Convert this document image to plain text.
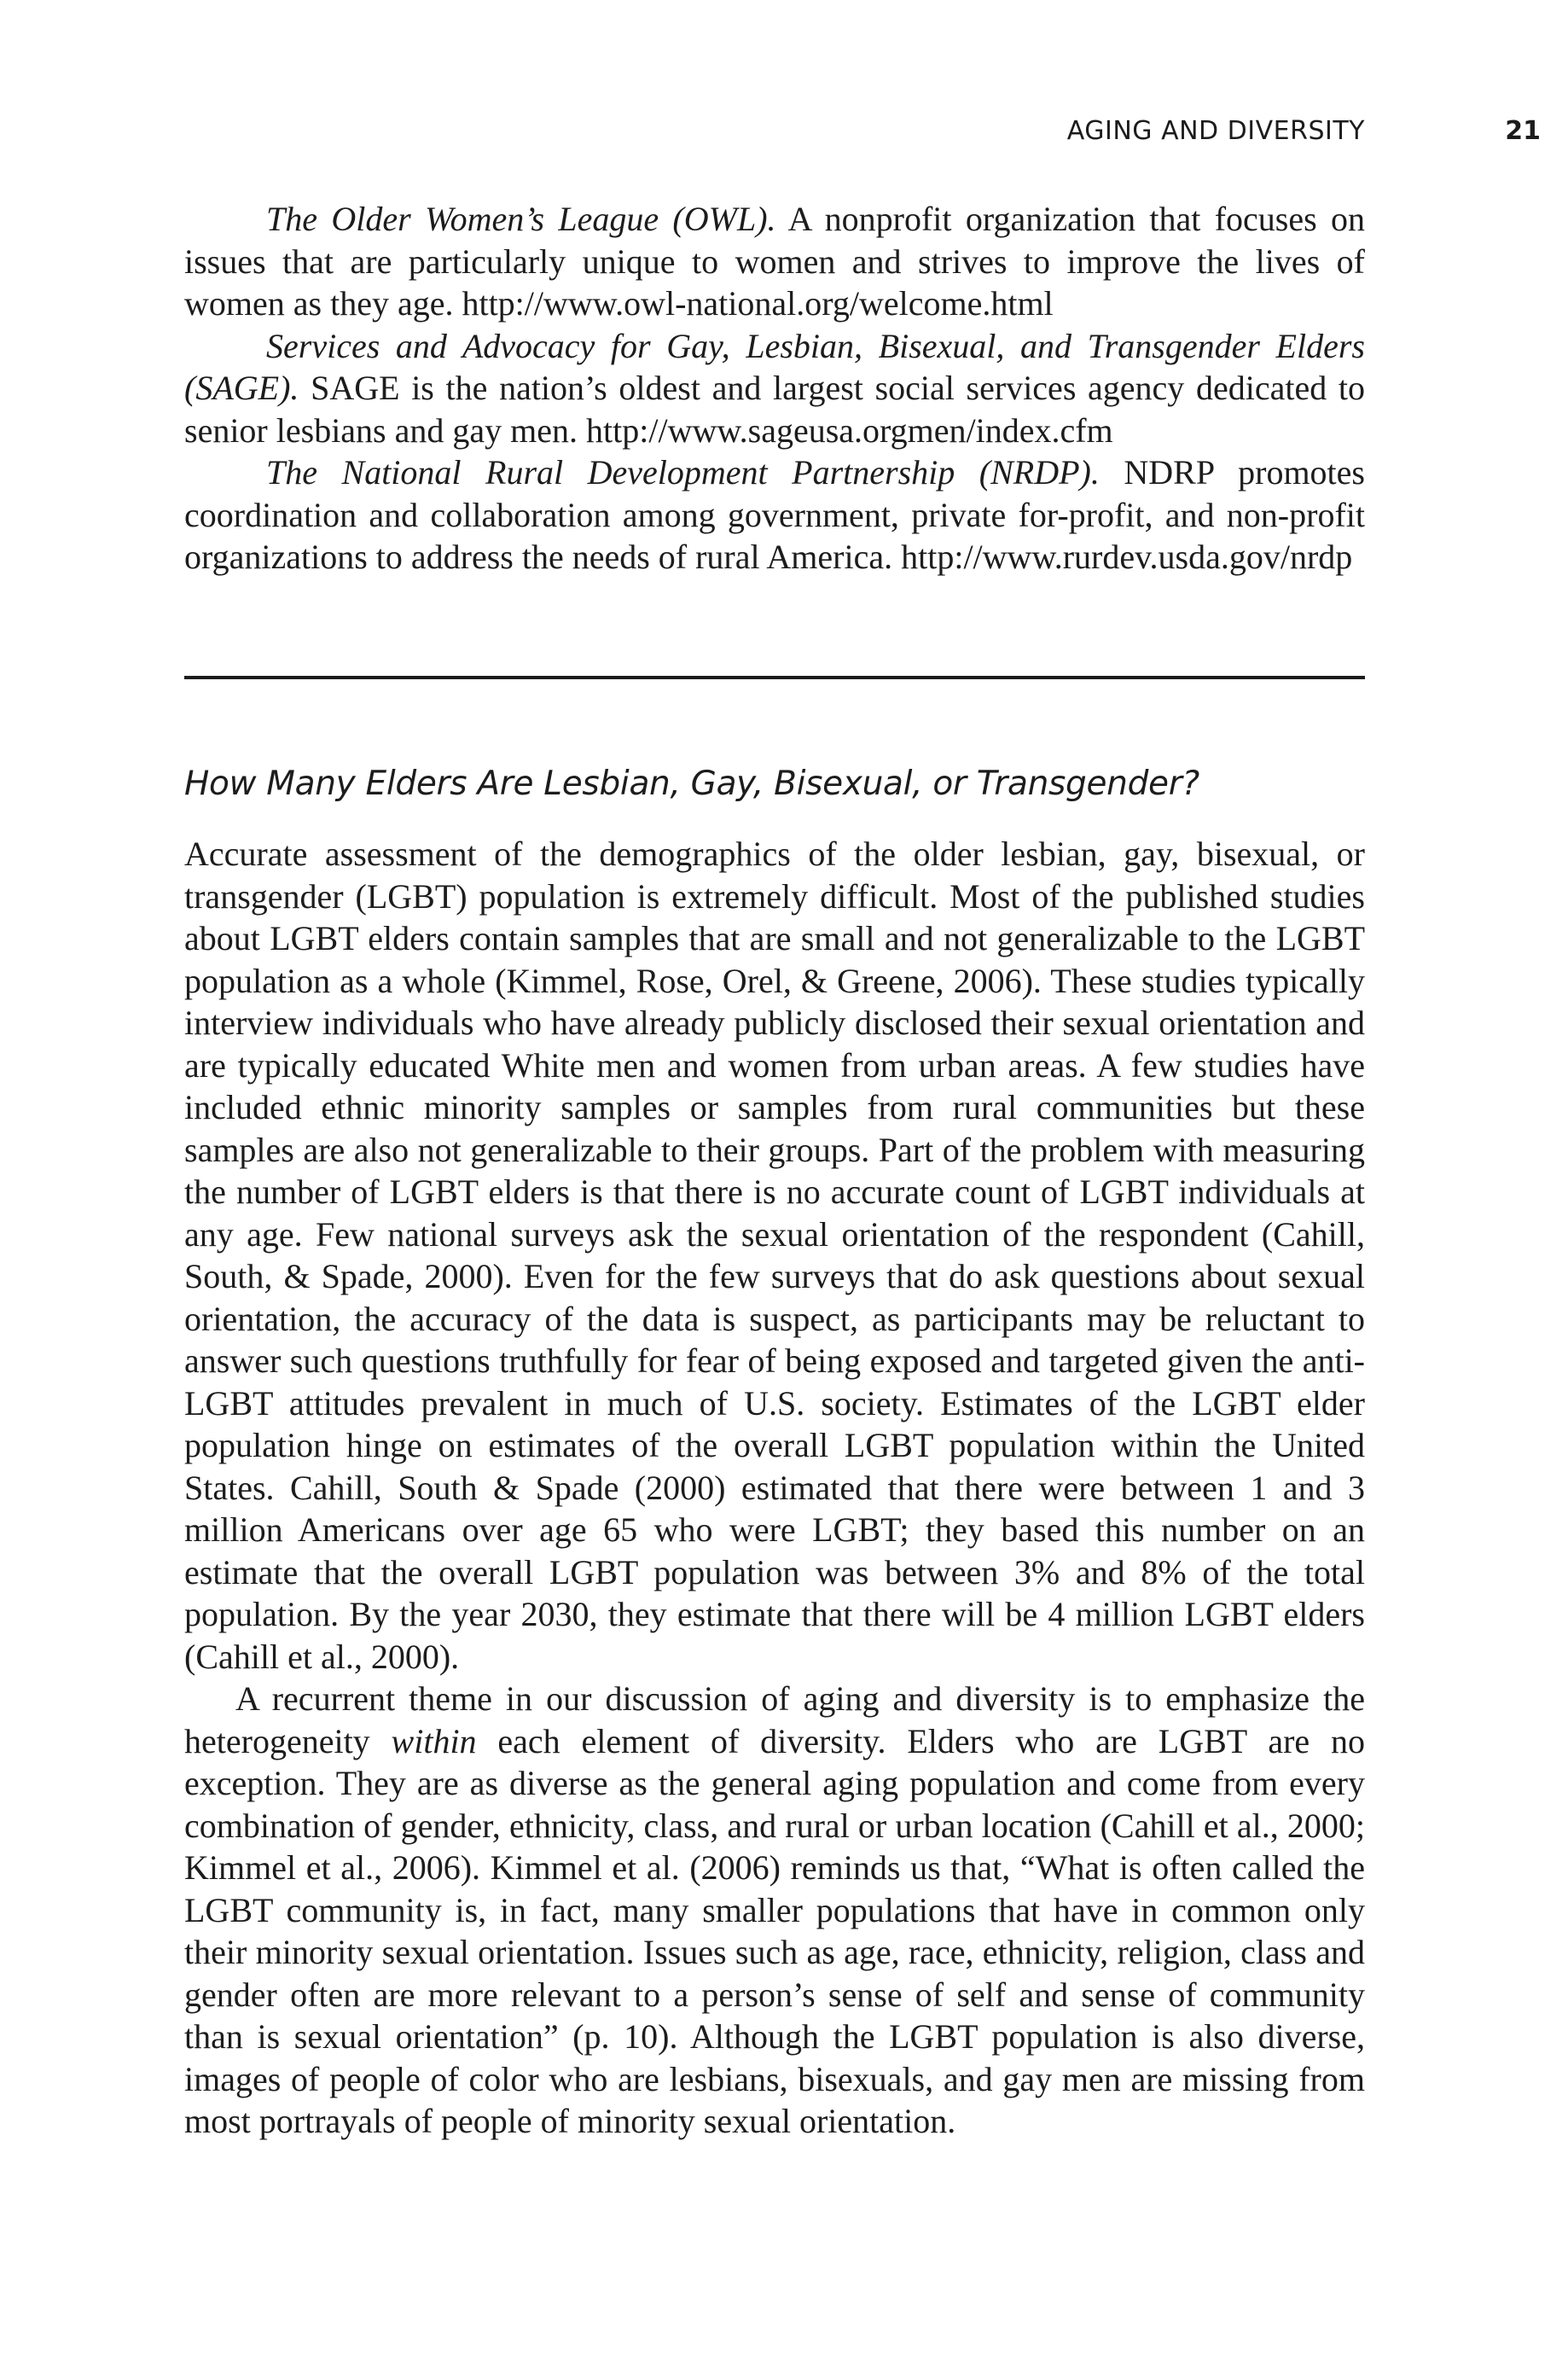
AGING AND DIVERSITY	21

The Older Women’s League (OWL). A nonprofit organization that focuses on issues that are particularly unique to women and strives to improve the lives of women as they age. http://www.owl-national.org/welcome.html

Services and Advocacy for Gay, Lesbian, Bisexual, and Transgender Elders (SAGE). SAGE is the nation’s oldest and largest social services agency dedicated to senior lesbians and gay men. http://www.sageusa.orgmen/index.cfm

The National Rural Development Partnership (NRDP). NDRP promotes coordination and collaboration among government, private for-profit, and non-profit organizations to address the needs of rural America. http://www.rurdev.usda.gov/nrdp

How Many Elders Are Lesbian, Gay, Bisexual, or Transgender?

Accurate assessment of the demographics of the older lesbian, gay, bisexual, or transgender (LGBT) population is extremely difficult. Most of the published studies about LGBT elders contain samples that are small and not generalizable to the LGBT population as a whole (Kimmel, Rose, Orel, & Greene, 2006). These studies typically interview individuals who have already publicly disclosed their sexual orientation and are typically educated White men and women from urban areas. A few studies have included ethnic minority samples or samples from rural communities but these samples are also not generalizable to their groups. Part of the problem with measuring the number of LGBT elders is that there is no accurate count of LGBT individuals at any age. Few national surveys ask the sexual orientation of the respondent (Cahill, South, & Spade, 2000). Even for the few surveys that do ask questions about sexual orientation, the accuracy of the data is suspect, as participants may be reluctant to answer such questions truthfully for fear of being exposed and targeted given the anti-LGBT attitudes prevalent in much of U.S. society. Estimates of the LGBT elder population hinge on estimates of the overall LGBT population within the United States. Cahill, South & Spade (2000) estimated that there were between 1 and 3 million Americans over age 65 who were LGBT; they based this number on an estimate that the overall LGBT population was between 3% and 8% of the total population. By the year 2030, they estimate that there will be 4 million LGBT elders (Cahill et al., 2000).

A recurrent theme in our discussion of aging and diversity is to emphasize the heterogeneity within each element of diversity. Elders who are LGBT are no exception. They are as diverse as the general aging population and come from every combination of gender, ethnicity, class, and rural or urban location (Cahill et al., 2000; Kimmel et al., 2006). Kimmel et al. (2006) reminds us that, “What is often called the LGBT community is, in fact, many smaller populations that have in common only their minority sexual orientation. Issues such as age, race, ethnicity, religion, class and gender often are more relevant to a person’s sense of self and sense of community than is sexual orientation” (p. 10). Although the LGBT population is also diverse, images of people of color who are lesbians, bisexuals, and gay men are missing from most portrayals of people of minority sexual orientation.
